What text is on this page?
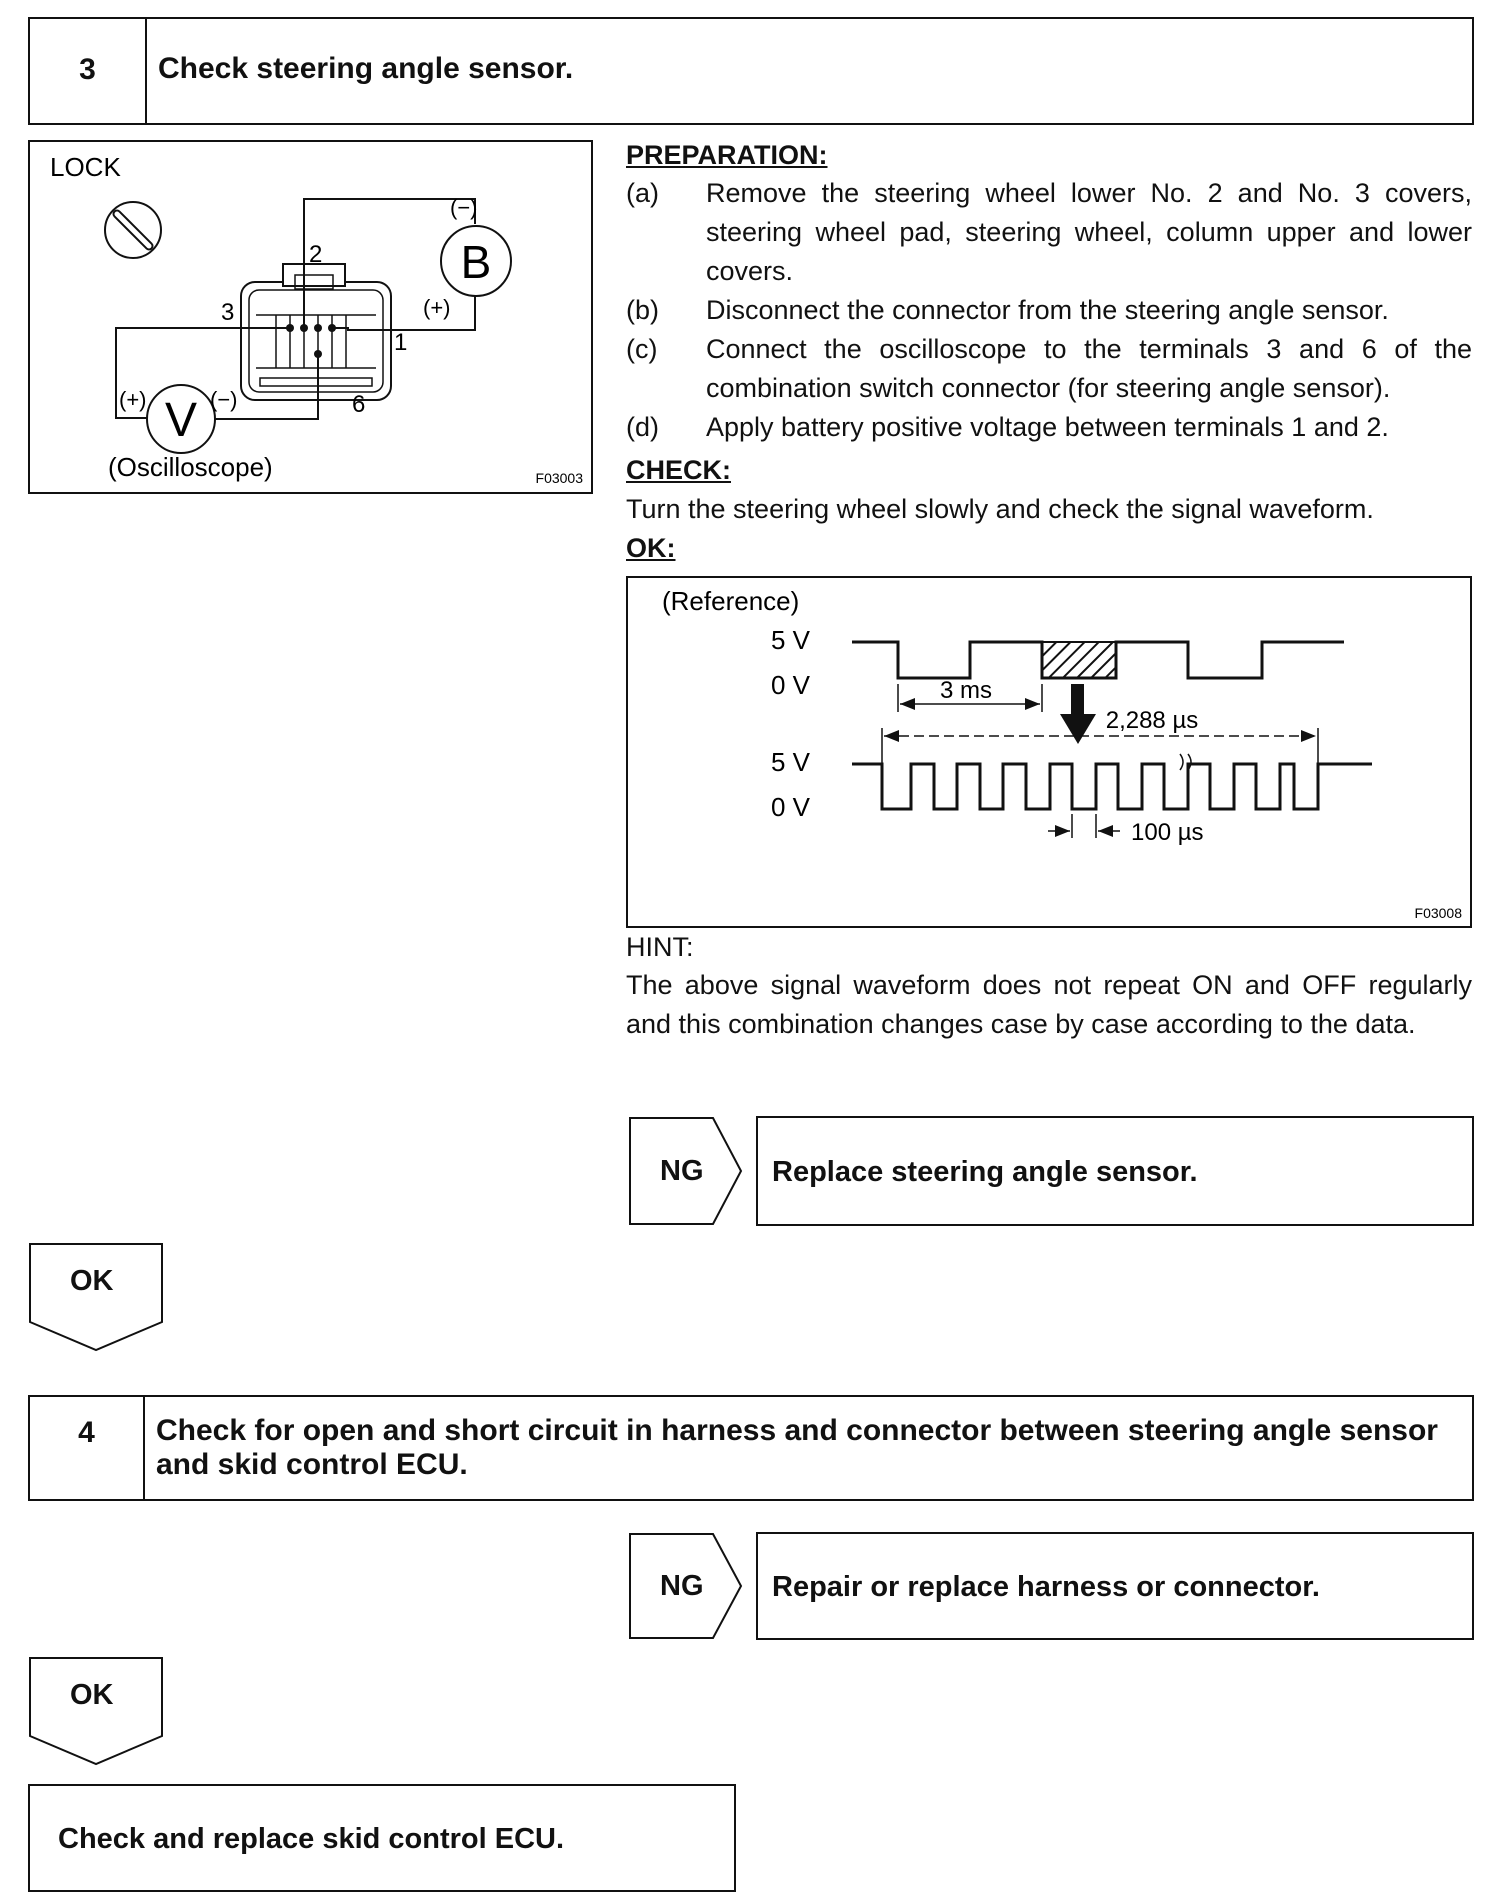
3	Check steering angle sensor.
LOCK
B
(−)
(+)
V
(+)	(−)
2
3
1
6
(Oscilloscope)	F03003
PREPARATION:
(a)	Remove the steering wheel lower No. 2 and No. 3 covers, steering wheel pad, steering wheel, column upper and lower covers.
(b)	Disconnect the connector from the steering angle sensor.
(c)	Connect the oscilloscope to the terminals 3 and 6 of the combination switch connector (for steering angle sensor).
(d)	Apply battery positive voltage between terminals 1 and 2.
CHECK:
Turn the steering wheel slowly and check the signal waveform.
OK:
(Reference)
5 V
0 V	3 ms
2,288 µs
5 V
0 V
100 µs
F03008
HINT:
The above signal waveform does not repeat ON and OFF regularly and this combination changes case by case according to the data.
NG Replace steering angle sensor.
OK
4	Check for open and short circuit in harness and connector between steering angle sensor and skid control ECU.
NG Repair or replace harness or connector.
OK
Check and replace skid control ECU.
